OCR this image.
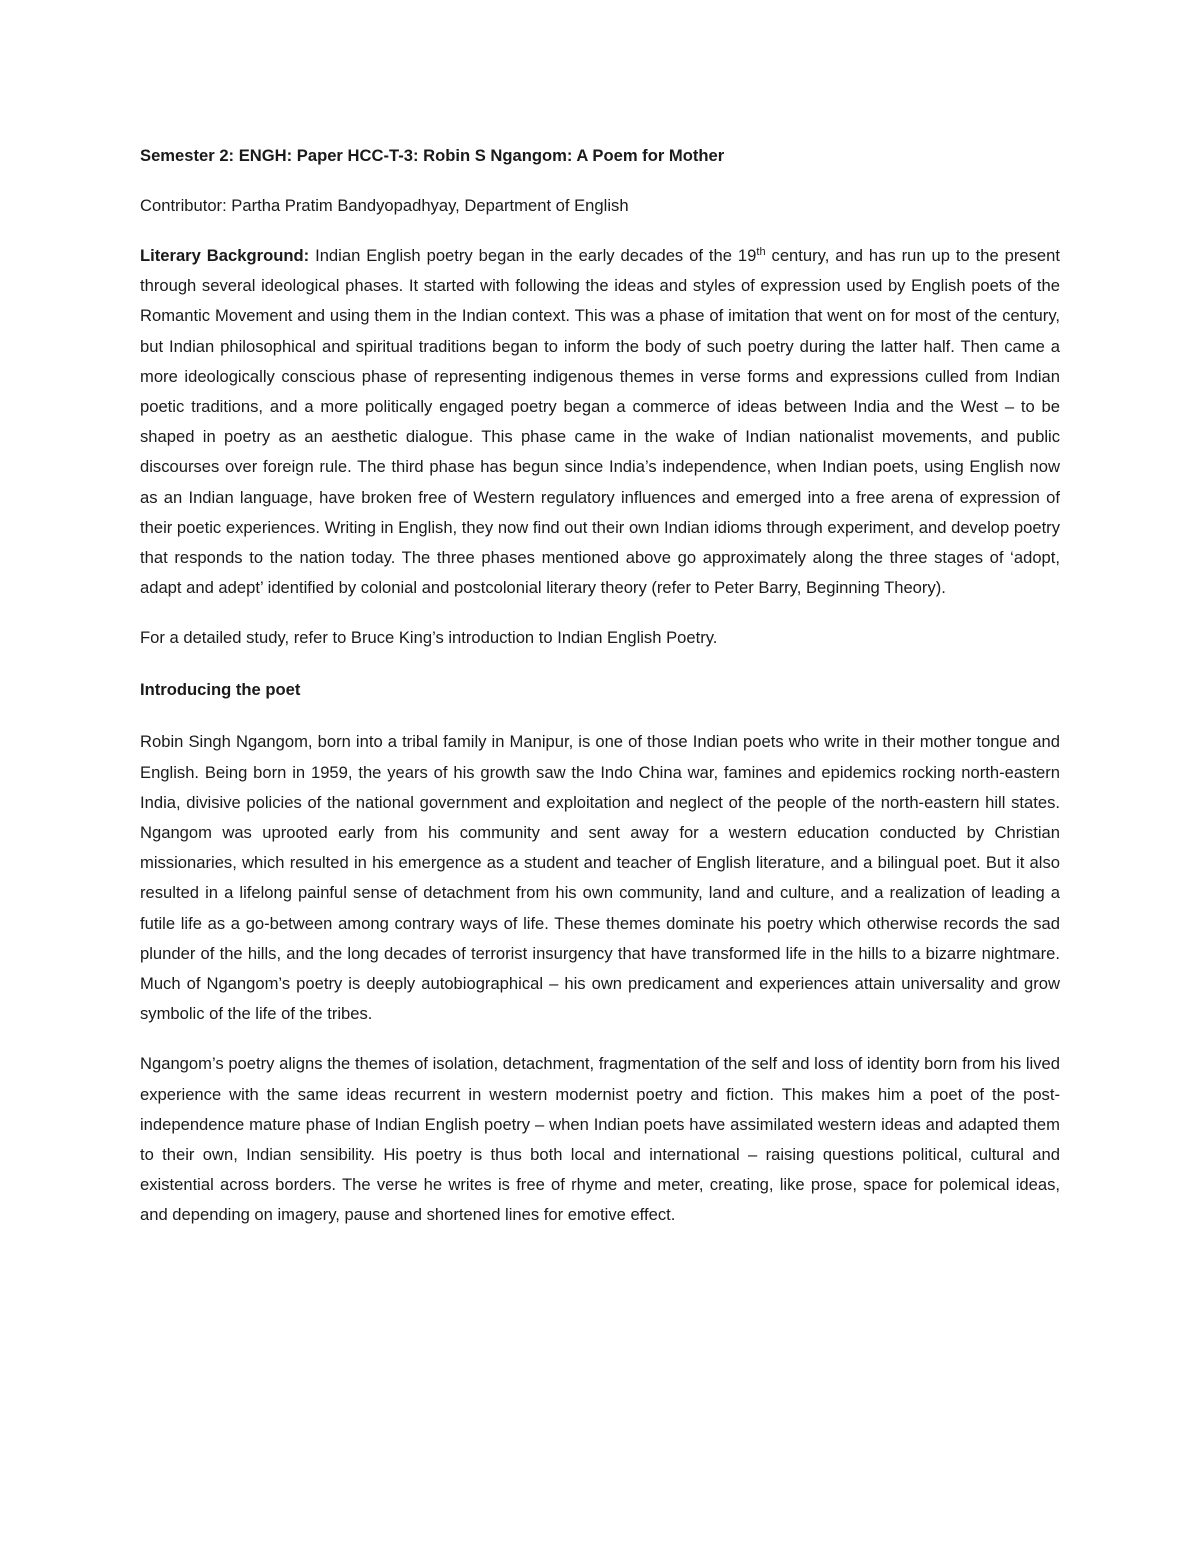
Semester 2: ENGH: Paper HCC-T-3: Robin S Ngangom: A Poem for Mother

Contributor: Partha Pratim Bandyopadhyay, Department of English

Literary Background: Indian English poetry began in the early decades of the 19th century, and has run up to the present through several ideological phases. It started with following the ideas and styles of expression used by English poets of the Romantic Movement and using them in the Indian context. This was a phase of imitation that went on for most of the century, but Indian philosophical and spiritual traditions began to inform the body of such poetry during the latter half. Then came a more ideologically conscious phase of representing indigenous themes in verse forms and expressions culled from Indian poetic traditions, and a more politically engaged poetry began a commerce of ideas between India and the West – to be shaped in poetry as an aesthetic dialogue. This phase came in the wake of Indian nationalist movements, and public discourses over foreign rule. The third phase has begun since India’s independence, when Indian poets, using English now as an Indian language, have broken free of Western regulatory influences and emerged into a free arena of expression of their poetic experiences. Writing in English, they now find out their own Indian idioms through experiment, and develop poetry that responds to the nation today. The three phases mentioned above go approximately along the three stages of ‘adopt, adapt and adept’ identified by colonial and postcolonial literary theory (refer to Peter Barry, Beginning Theory).

For a detailed study, refer to Bruce King’s introduction to Indian English Poetry.

Introducing the poet

Robin Singh Ngangom, born into a tribal family in Manipur, is one of those Indian poets who write in their mother tongue and English. Being born in 1959, the years of his growth saw the Indo China war, famines and epidemics rocking north-eastern India, divisive policies of the national government and exploitation and neglect of the people of the north-eastern hill states. Ngangom was uprooted early from his community and sent away for a western education conducted by Christian missionaries, which resulted in his emergence as a student and teacher of English literature, and a bilingual poet. But it also resulted in a lifelong painful sense of detachment from his own community, land and culture, and a realization of leading a futile life as a go-between among contrary ways of life. These themes dominate his poetry which otherwise records the sad plunder of the hills, and the long decades of terrorist insurgency that have transformed life in the hills to a bizarre nightmare. Much of Ngangom’s poetry is deeply autobiographical – his own predicament and experiences attain universality and grow symbolic of the life of the tribes.

Ngangom’s poetry aligns the themes of isolation, detachment, fragmentation of the self and loss of identity born from his lived experience with the same ideas recurrent in western modernist poetry and fiction. This makes him a poet of the post-independence mature phase of Indian English poetry – when Indian poets have assimilated western ideas and adapted them to their own, Indian sensibility. His poetry is thus both local and international – raising questions political, cultural and existential across borders. The verse he writes is free of rhyme and meter, creating, like prose, space for polemical ideas, and depending on imagery, pause and shortened lines for emotive effect.
